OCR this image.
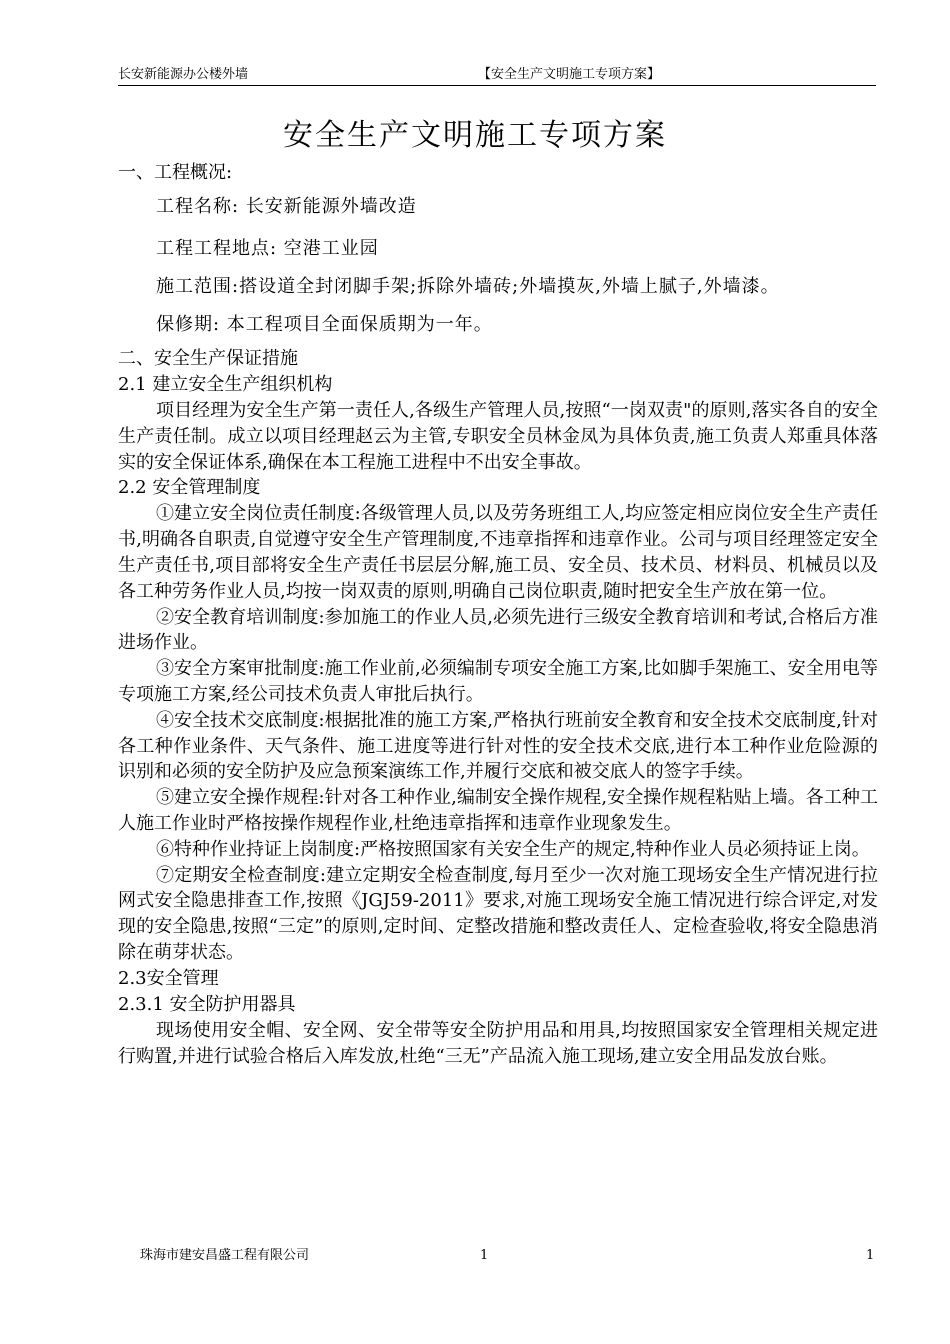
长安新能源办公楼外墙	【安全生产文明施工专项方案】
安全生产文明施工专项方案

一、工程概况:

工程名称: 长安新能源外墙改造

工程工程地点: 空港工业园

施工范围:搭设道全封闭脚手架;拆除外墙砖;外墙摸灰,外墙上腻子,外墙漆。

保修期: 本工程项目全面保质期为一年。

二、安全生产保证措施

2.1 建立安全生产组织机构

项目经理为安全生产第一责任人,各级生产管理人员,按照“一岗双责"的原则,落实各自的安全生产责任制。成立以项目经理赵云为主管,专职安全员林金凤为具体负责,施工负责人郑重具体落实的安全保证体系,确保在本工程施工进程中不出安全事故。

2.2 安全管理制度

①建立安全岗位责任制度:各级管理人员,以及劳务班组工人,均应签定相应岗位安全生产责任书,明确各自职责,自觉遵守安全生产管理制度,不违章指挥和违章作业。公司与项目经理签定安全生产责任书,项目部将安全生产责任书层层分解,施工员、安全员、技术员、材料员、机械员以及各工种劳务作业人员,均按一岗双责的原则,明确自己岗位职责,随时把安全生产放在第一位。

②安全教育培训制度:参加施工的作业人员,必须先进行三级安全教育培训和考试,合格后方准进场作业。

③安全方案审批制度:施工作业前,必须编制专项安全施工方案,比如脚手架施工、安全用电等专项施工方案,经公司技术负责人审批后执行。

④安全技术交底制度:根据批准的施工方案,严格执行班前安全教育和安全技术交底制度,针对各工种作业条件、天气条件、施工进度等进行针对性的安全技术交底,进行本工种作业危险源的识别和必须的安全防护及应急预案演练工作,并履行交底和被交底人的签字手续。

⑤建立安全操作规程:针对各工种作业,编制安全操作规程,安全操作规程粘贴上墙。各工种工人施工作业时严格按操作规程作业,杜绝违章指挥和违章作业现象发生。

⑥特种作业持证上岗制度:严格按照国家有关安全生产的规定,特种作业人员必须持证上岗。

⑦定期安全检查制度:建立定期安全检查制度,每月至少一次对施工现场安全生产情况进行拉网式安全隐患排查工作,按照《JGJ59-2011》要求,对施工现场安全施工情况进行综合评定,对发现的安全隐患,按照“三定”的原则,定时间、定整改措施和整改责任人、定检查验收,将安全隐患消除在萌芽状态。

2.3安全管理

2.3.1 安全防护用器具

现场使用安全帽、安全网、安全带等安全防护用品和用具,均按照国家安全管理相关规定进行购置,并进行试验合格后入库发放,杜绝“三无”产品流入施工现场,建立安全用品发放台账。

珠海市建安昌盛工程有限公司	1	1
